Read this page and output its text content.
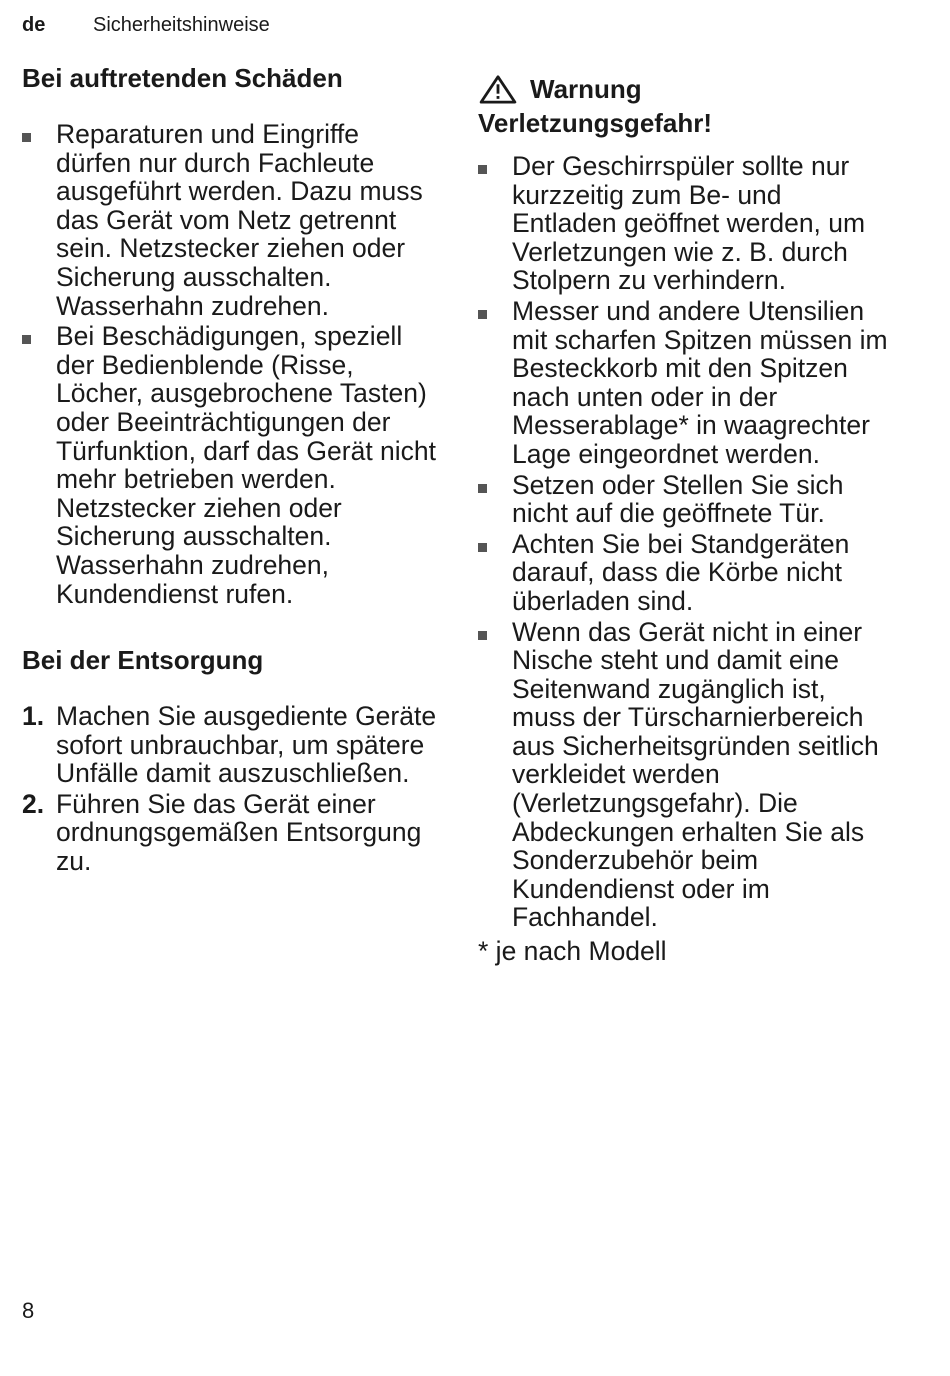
de Sicherheitshinweise
Bei auftretenden Schäden
Reparaturen und Eingriffe dürfen nur durch Fachleute ausgeführt werden. Dazu muss das Gerät vom Netz getrennt sein. Netzstecker ziehen oder Sicherung ausschalten. Wasserhahn zudrehen.
Bei Beschädigungen, speziell der Bedienblende (Risse, Löcher, ausgebrochene Tasten) oder Beeinträchtigungen der Türfunktion, darf das Gerät nicht mehr betrieben werden. Netzstecker ziehen oder Sicherung ausschalten. Wasserhahn zudrehen, Kundendienst rufen.
Bei der Entsorgung
1. Machen Sie ausgediente Geräte sofort unbrauchbar, um spätere Unfälle damit auszuschließen.
2. Führen Sie das Gerät einer ordnungsgemäßen Entsorgung zu.
Warnung
Verletzungsgefahr!
Der Geschirrspüler sollte nur kurzzeitig zum Be- und Entladen geöffnet werden, um Verletzungen wie z. B. durch Stolpern zu verhindern.
Messer und andere Utensilien mit scharfen Spitzen müssen im Besteckkorb mit den Spitzen nach unten oder in der Messerablage* in waagrechter Lage eingeordnet werden.
Setzen oder Stellen Sie sich nicht auf die geöffnete Tür.
Achten Sie bei Standgeräten darauf, dass die Körbe nicht überladen sind.
Wenn das Gerät nicht in einer Nische steht und damit eine Seitenwand zugänglich ist, muss der Türscharnierbereich aus Sicherheitsgründen seitlich verkleidet werden (Verletzungsgefahr). Die Abdeckungen erhalten Sie als Sonderzubehör beim Kundendienst oder im Fachhandel.
* je nach Modell
8
